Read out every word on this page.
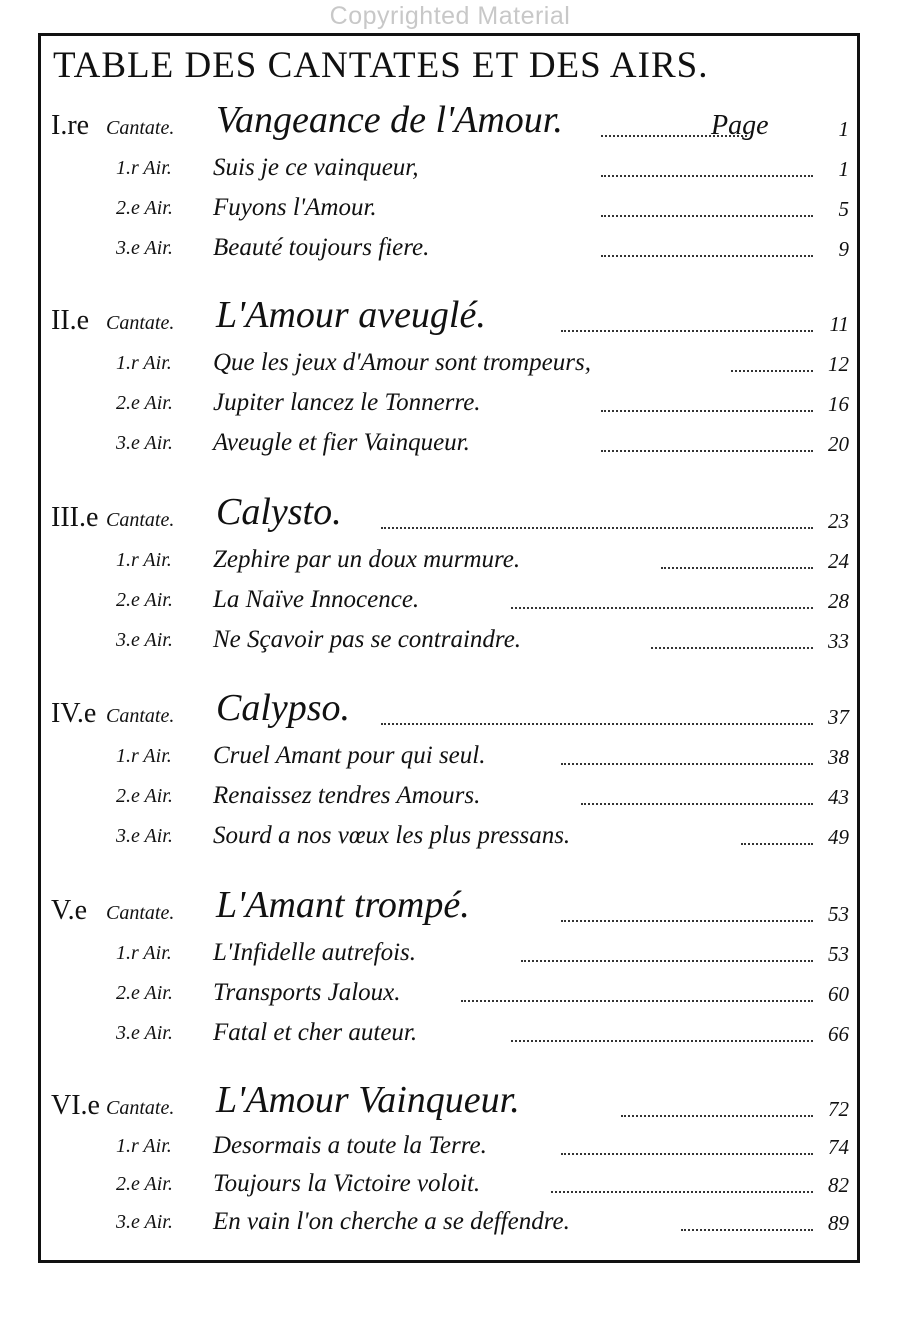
Copyrighted Material
TABLE DES CANTATES ET DES AIRS.
I.re Cantate. Vangeance de l'Amour.	Page	1
1.r Air. Suis je ce vainqueur,	1
2.e Air. Fuyons l'Amour.	5
3.e Air. Beauté toujours fiere.	9
II.e Cantate. L'Amour aveuglé.	11
1.r Air. Que les jeux d'Amour sont trompeurs,	12
2.e Air. Jupiter lancez le Tonnerre.	16
3.e Air. Aveugle et fier Vainqueur.	20
III.e Cantate. Calysto.	23
1.r Air. Zephire par un doux murmure.	24
2.e Air. La Naïve Innocence.	28
3.e Air. Ne Sçavoir pas se contraindre.	33
IV.e Cantate. Calypso.	37
1.r Air. Cruel Amant pour qui seul.	38
2.e Air. Renaissez tendres Amours.	43
3.e Air. Sourd a nos vœux les plus pressans.	49
V.e Cantate. L'Amant trompé.	53
1.r Air. L'Infidelle autrefois.	53
2.e Air. Transports Jaloux.	60
3.e Air. Fatal et cher auteur.	66
VI.e Cantate. L'Amour Vainqueur.	72
1.r Air. Desormais a toute la Terre.	74
2.e Air. Toujours la Victoire voloit.	82
3.e Air. En vain l'on cherche a se deffendre.	89
